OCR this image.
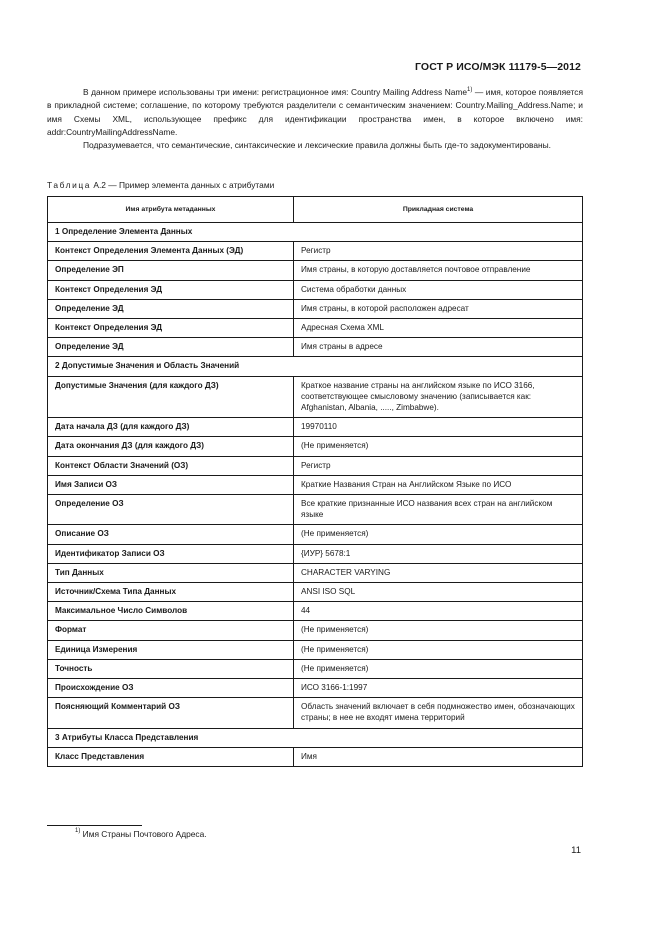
ГОСТ Р ИСО/МЭК 11179-5—2012

В данном примере использованы три имени: регистрационное имя: Country Mailing Address Name$^{1)}$ — имя, которое появляется в прикладной системе; соглашение, по которому требуются разделители с семантическим значением: Country.Mailing_Address.Name; и имя Схемы XML, использующее префикс для идентификации пространства имен, в которое включено имя: addr:CountryMailingAddressName.

Подразумевается, что семантические, синтаксические и лексические правила должны быть где-то задокументированы.

Таблица А.2 — Пример элемента данных с атрибутами
Имя атрибута метаданных	Прикладная система
1 Определение Элемента Данных	
Контекст Определения Элемента Данных (ЭД)	Регистр
Определение ЭП	Имя страны, в которую доставляется почтовое отправление
Контекст Определения ЭД	Система обработки данных
Определение ЭД	Имя страны, в которой расположен адресат
Контекст Определения ЭД	Адресная Схема XML
Определение ЭД	Имя страны в адресе
2 Допустимые Значения и Область Значений	
Допустимые Значения (для каждого ДЗ)	Краткое название страны на английском языке по ИСО 3166, соответствующее смысловому значению (записывается как: Afghanistan, Albania, ....., Zimbabwe).
Дата начала ДЗ (для каждого ДЗ)	19970110
Дата окончания ДЗ (для каждого ДЗ)	(Не применяется)
Контекст Области Значений (ОЗ)	Регистр
Имя Записи ОЗ	Краткие Названия Стран на Английском Языке по ИСО
Определение ОЗ	Все краткие признанные ИСО названия всех стран на английском языке
Описание ОЗ	(Не применяется)
Идентификатор Записи ОЗ	{ИУР} 5678:1
Тип Данных	CHARACTER VARYING
Источник/Схема Типа Данных	ANSI ISO SQL
Максимальное Число Символов	44
Формат	(Не применяется)
Единица Измерения	(Не применяется)
Точность	(Не применяется)
Происхождение ОЗ	ИСО 3166-1:1997
Поясняющий Комментарий ОЗ	Область значений включает в себя подмножество имен, обозначающих страны; в нее не входят имена территорий
3 Атрибуты Класса Представления	
Класс Представления	Имя
$^{1)}$ Имя Страны Почтового Адреса.
11
